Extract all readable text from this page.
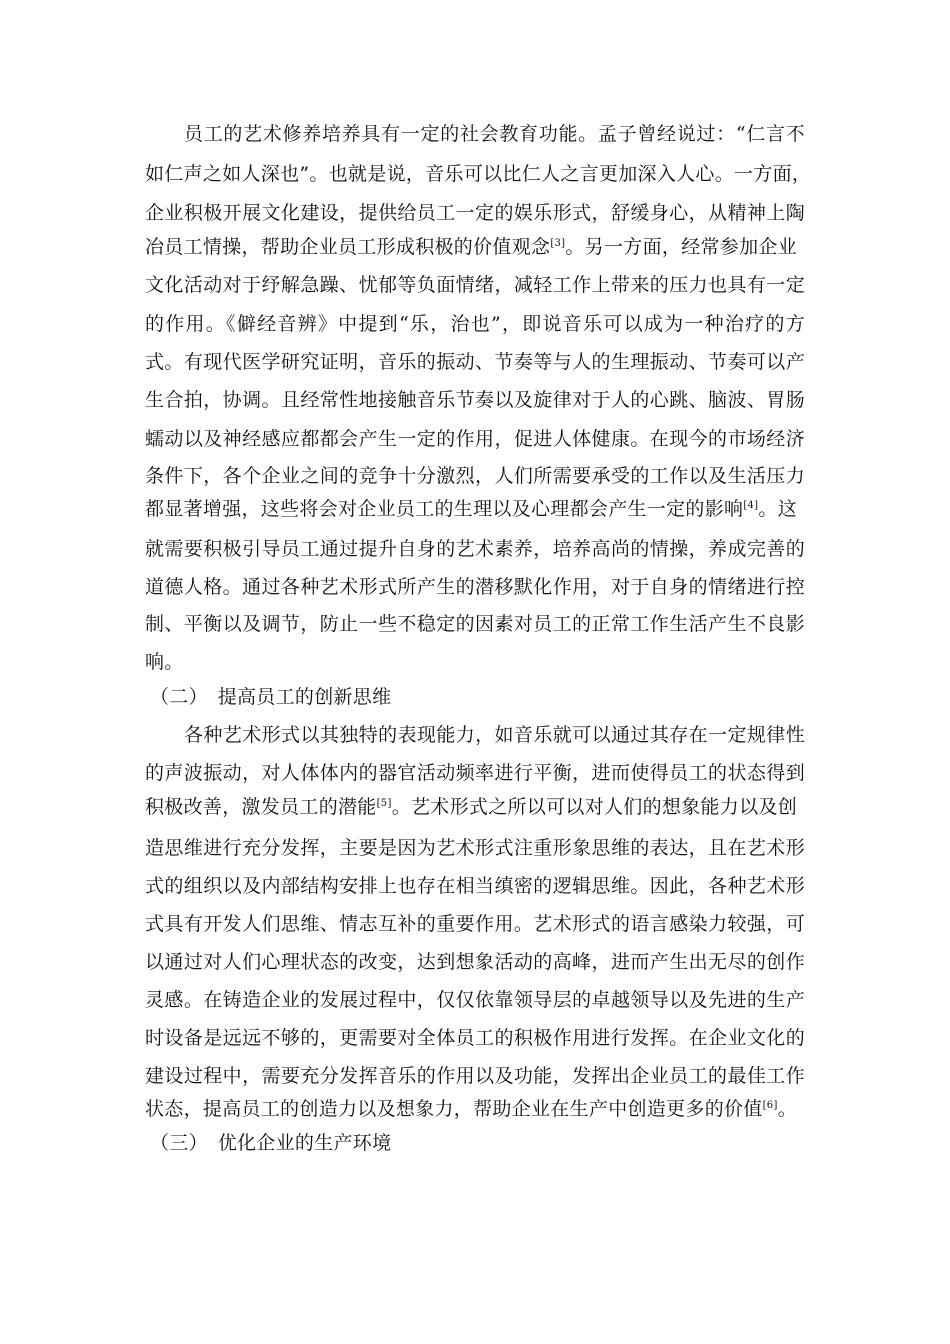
员工的艺术修养培养具有一定的社会教育功能。孟子曾经说过：“仁言不
如仁声之如人深也”。也就是说，音乐可以比仁人之言更加深入人心。一方面，
企业积极开展文化建设，提供给员工一定的娱乐形式，舒缓身心，从精神上陶
冶员工情操，帮助企业员工形成积极的价值观念[3]。另一方面，经常参加企业
文化活动对于纾解急躁、忧郁等负面情绪，减轻工作上带来的压力也具有一定
的作用。《僻经音辨》中提到“乐，治也”，即说音乐可以成为一种治疗的方
式。有现代医学研究证明，音乐的振动、节奏等与人的生理振动、节奏可以产
生合拍，协调。且经常性地接触音乐节奏以及旋律对于人的心跳、脑波、胃肠
蠕动以及神经感应都都会产生一定的作用，促进人体健康。在现今的市场经济
条件下，各个企业之间的竞争十分激烈，人们所需要承受的工作以及生活压力
都显著增强，这些将会对企业员工的生理以及心理都会产生一定的影响[4]。这
就需要积极引导员工通过提升自身的艺术素养，培养高尚的情操，养成完善的
道德人格。通过各种艺术形式所产生的潜移默化作用，对于自身的情绪进行控
制、平衡以及调节，防止一些不稳定的因素对员工的正常工作生活产生不良影
响。
（二）　提高员工的创新思维
各种艺术形式以其独特的表现能力，如音乐就可以通过其存在一定规律性
的声波振动，对人体体内的器官活动频率进行平衡，进而使得员工的状态得到
积极改善，激发员工的潜能[5]。艺术形式之所以可以对人们的想象能力以及创
造思维进行充分发挥，主要是因为艺术形式注重形象思维的表达，且在艺术形
式的组织以及内部结构安排上也存在相当缜密的逻辑思维。因此，各种艺术形
式具有开发人们思维、情志互补的重要作用。艺术形式的语言感染力较强，可
以通过对人们心理状态的改变，达到想象活动的高峰，进而产生出无尽的创作
灵感。在铸造企业的发展过程中，仅仅依靠领导层的卓越领导以及先进的生产
时设备是远远不够的，更需要对全体员工的积极作用进行发挥。在企业文化的
建设过程中，需要充分发挥音乐的作用以及功能，发挥出企业员工的最佳工作
状态，提高员工的创造力以及想象力，帮助企业在生产中创造更多的价值[6]。
（三）　优化企业的生产环境
